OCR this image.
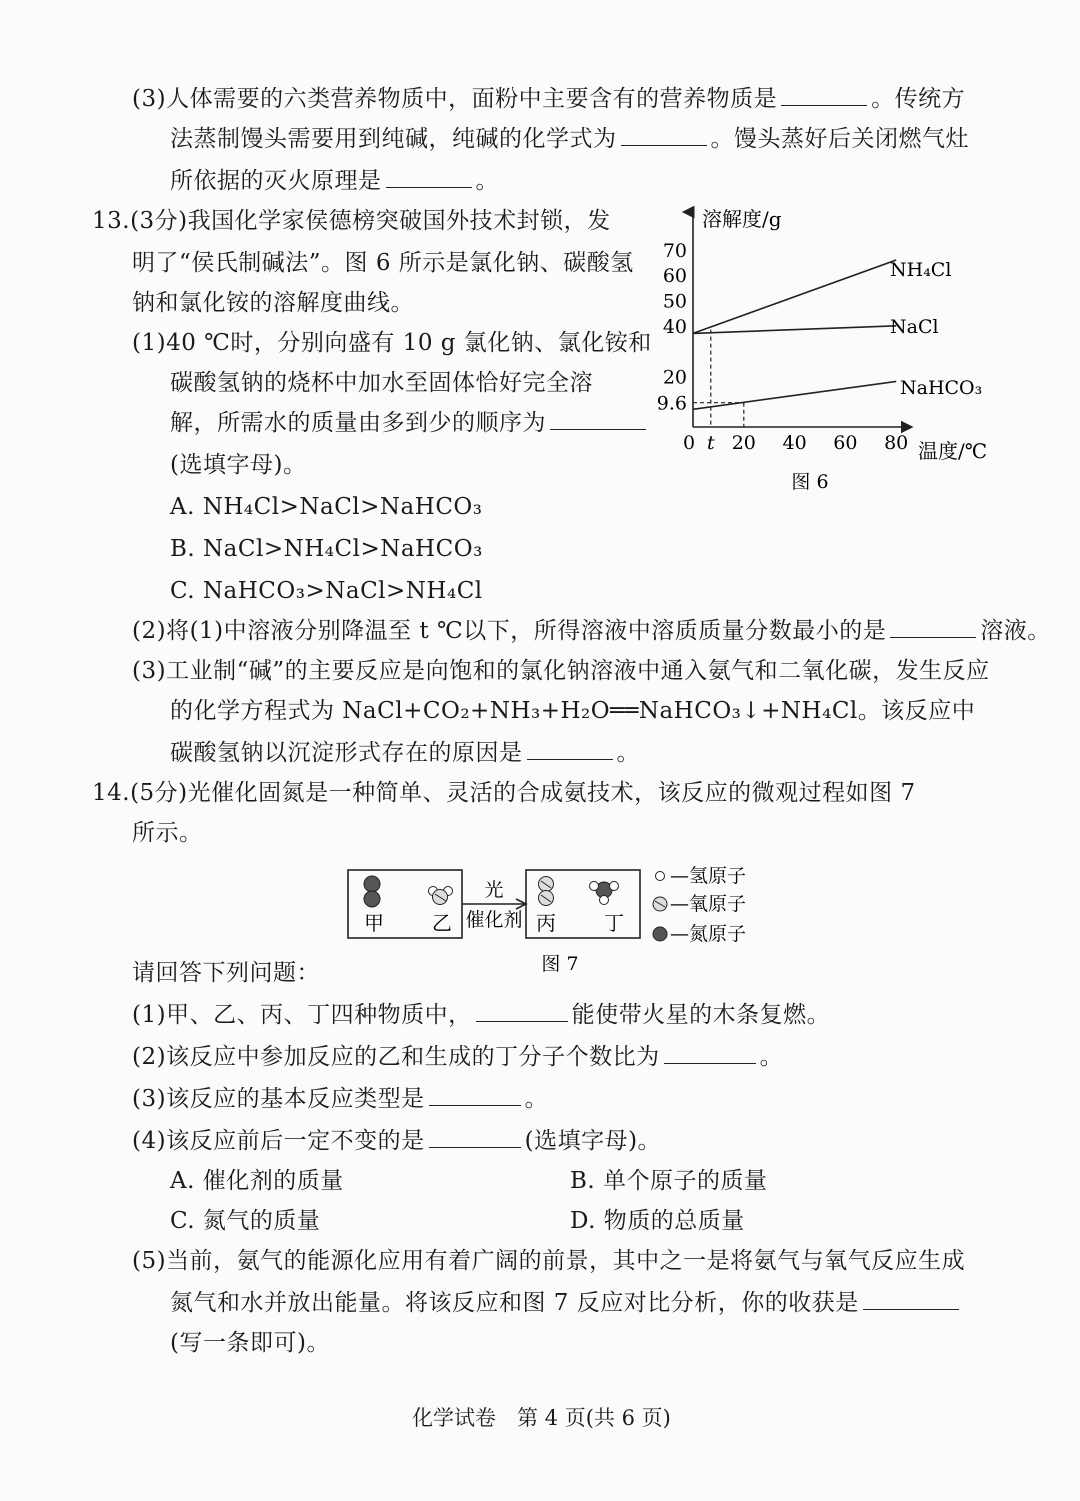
(3)人体需要的六类营养物质中，面粉中主要含有的营养物质是	。传统方
法蒸制馒头需要用到纯碱，纯碱的化学式为	。馒头蒸好后关闭燃气灶
所依据的灭火原理是	。
13.(3分)我国化学家侯德榜突破国外技术封锁，发
明了“侯氏制碱法”。图 6 所示是氯化钠、碳酸氢
钠和氯化铵的溶解度曲线。
(1)40 ℃时，分别向盛有 10 g 氯化钠、氯化铵和
碳酸氢钠的烧杯中加水至固体恰好完全溶
解，所需水的质量由多到少的顺序为
(选填字母)。
A. NH₄Cl>NaCl>NaHCO₃
B. NaCl>NH₄Cl>NaHCO₃
C. NaHCO₃>NaCl>NH₄Cl
(2)将(1)中溶液分别降温至 t ℃以下，所得溶液中溶质质量分数最小的是	溶液。
(3)工业制“碱”的主要反应是向饱和的氯化钠溶液中通入氨气和二氧化碳，发生反应
的化学方程式为 NaCl+CO₂+NH₃+H₂O══NaHCO₃↓+NH₄Cl。该反应中
碳酸氢钠以沉淀形式存在的原因是	。
溶解度/g
温度/℃
70
60
50
40
20
9.6
0 t 20 40 60 80
NH₄Cl
NaCl
NaHCO₃
图 6
14.(5分)光催化固氮是一种简单、灵活的合成氨技术，该反应的微观过程如图 7
所示。
光
催化剂
甲 乙	丙 丁
—氢原子
—氧原子
—氮原子
图 7
请回答下列问题：
(1)甲、乙、丙、丁四种物质中，	能使带火星的木条复燃。
(2)该反应中参加反应的乙和生成的丁分子个数比为	。
(3)该反应的基本反应类型是	。
(4)该反应前后一定不变的是	(选填字母)。
A. 催化剂的质量	B. 单个原子的质量
C. 氮气的质量	D. 物质的总质量
(5)当前，氨气的能源化应用有着广阔的前景，其中之一是将氨气与氧气反应生成
氮气和水并放出能量。将该反应和图 7 反应对比分析，你的收获是
(写一条即可)。
化学试卷　第 4 页(共 6 页)
